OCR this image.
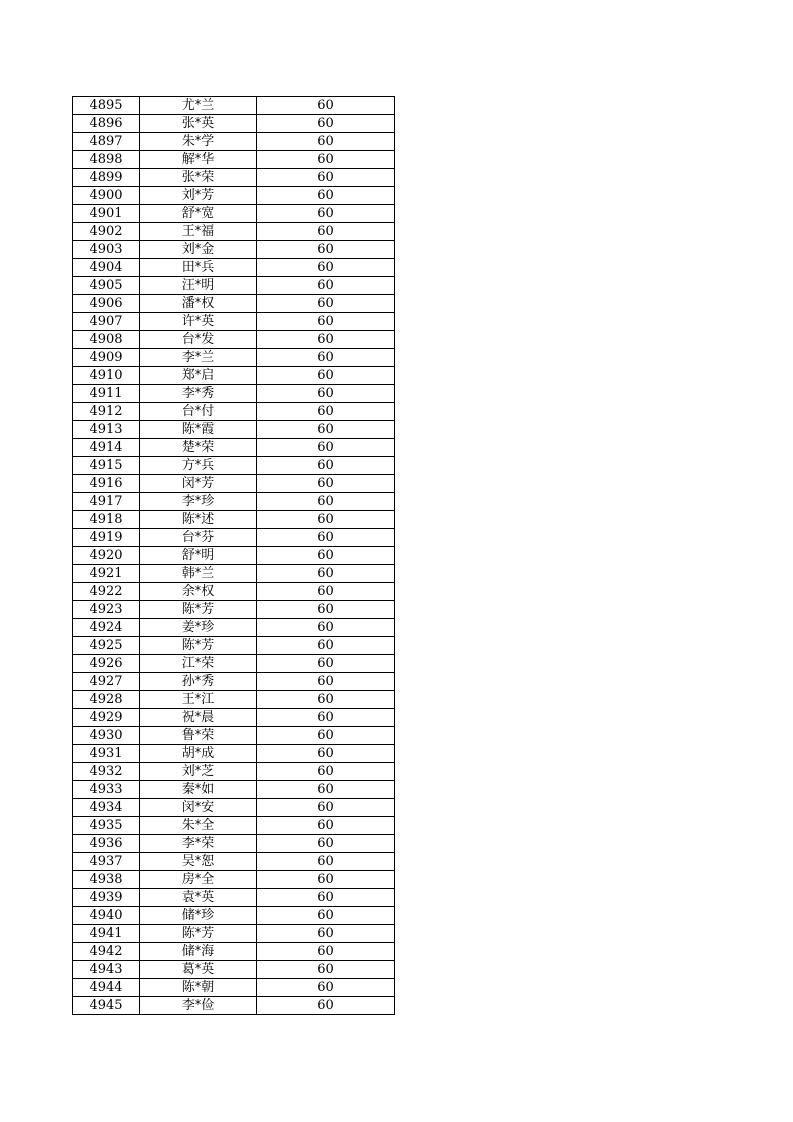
4895	尤*兰	60
4896	张*英	60
4897	朱*学	60
4898	解*华	60
4899	张*荣	60
4900	刘*芳	60
4901	舒*宽	60
4902	王*福	60
4903	刘*金	60
4904	田*兵	60
4905	汪*明	60
4906	潘*权	60
4907	许*英	60
4908	台*发	60
4909	李*兰	60
4910	郑*启	60
4911	李*秀	60
4912	台*付	60
4913	陈*霞	60
4914	楚*荣	60
4915	方*兵	60
4916	闵*芳	60
4917	李*珍	60
4918	陈*述	60
4919	台*芬	60
4920	舒*明	60
4921	韩*兰	60
4922	余*权	60
4923	陈*芳	60
4924	姜*珍	60
4925	陈*芳	60
4926	江*荣	60
4927	孙*秀	60
4928	王*江	60
4929	祝*晨	60
4930	鲁*荣	60
4931	胡*成	60
4932	刘*芝	60
4933	秦*如	60
4934	闵*安	60
4935	朱*全	60
4936	李*荣	60
4937	吴*恕	60
4938	房*全	60
4939	袁*英	60
4940	储*珍	60
4941	陈*芳	60
4942	储*海	60
4943	葛*英	60
4944	陈*朝	60
4945	李*俭	60
